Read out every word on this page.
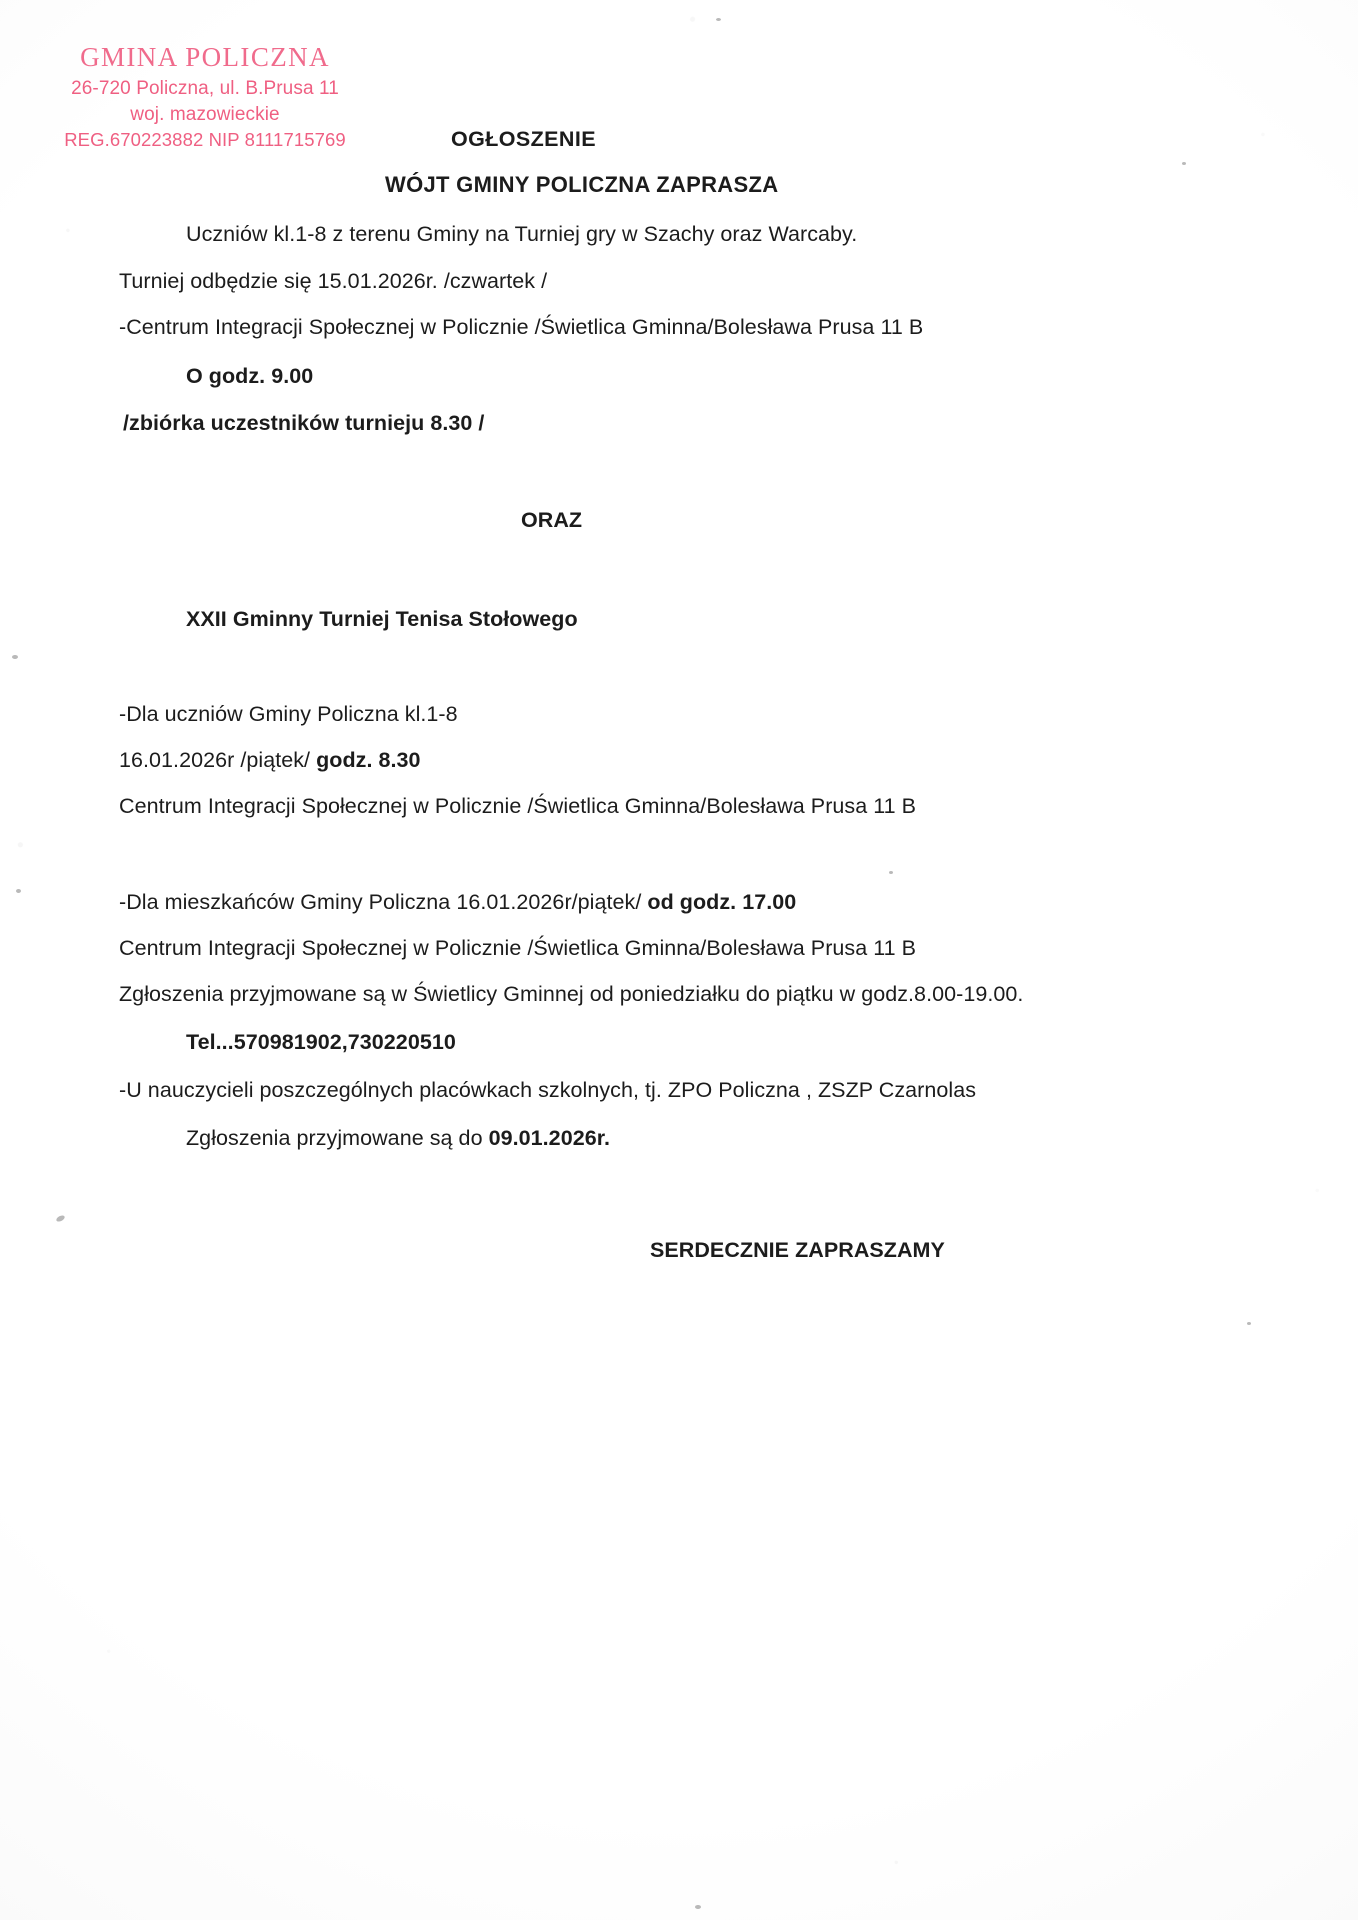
GMINA POLICZNA
26-720 Policzna, ul. B.Prusa 11
woj. mazowieckie
REG.670223882 NIP 8111715769	OGŁOSZENIE
WÓJT GMINY POLICZNA ZAPRASZA
Uczniów kl.1-8 z terenu Gminy na Turniej gry w Szachy oraz Warcaby.
Turniej odbędzie się 15.01.2026r. /czwartek /
-Centrum Integracji Społecznej w Policznie /Świetlica Gminna/Bolesława Prusa 11 B
O godz. 9.00
/zbiórka uczestników turnieju 8.30 /
ORAZ
XXII Gminny Turniej Tenisa Stołowego
-Dla uczniów Gminy Policzna kl.1-8
16.01.2026r /piątek/ godz. 8.30
Centrum Integracji Społecznej w Policznie /Świetlica Gminna/Bolesława Prusa 11 B
-Dla mieszkańców Gminy Policzna 16.01.2026r/piątek/ od godz. 17.00
Centrum Integracji Społecznej w Policznie /Świetlica Gminna/Bolesława Prusa 11 B
Zgłoszenia przyjmowane są w Świetlicy Gminnej od poniedziałku do piątku w godz.8.00-19.00.
Tel...570981902,730220510
-U nauczycieli poszczególnych placówkach szkolnych, tj. ZPO Policzna , ZSZP Czarnolas
Zgłoszenia przyjmowane są do 09.01.2026r.
SERDECZNIE ZAPRASZAMY
